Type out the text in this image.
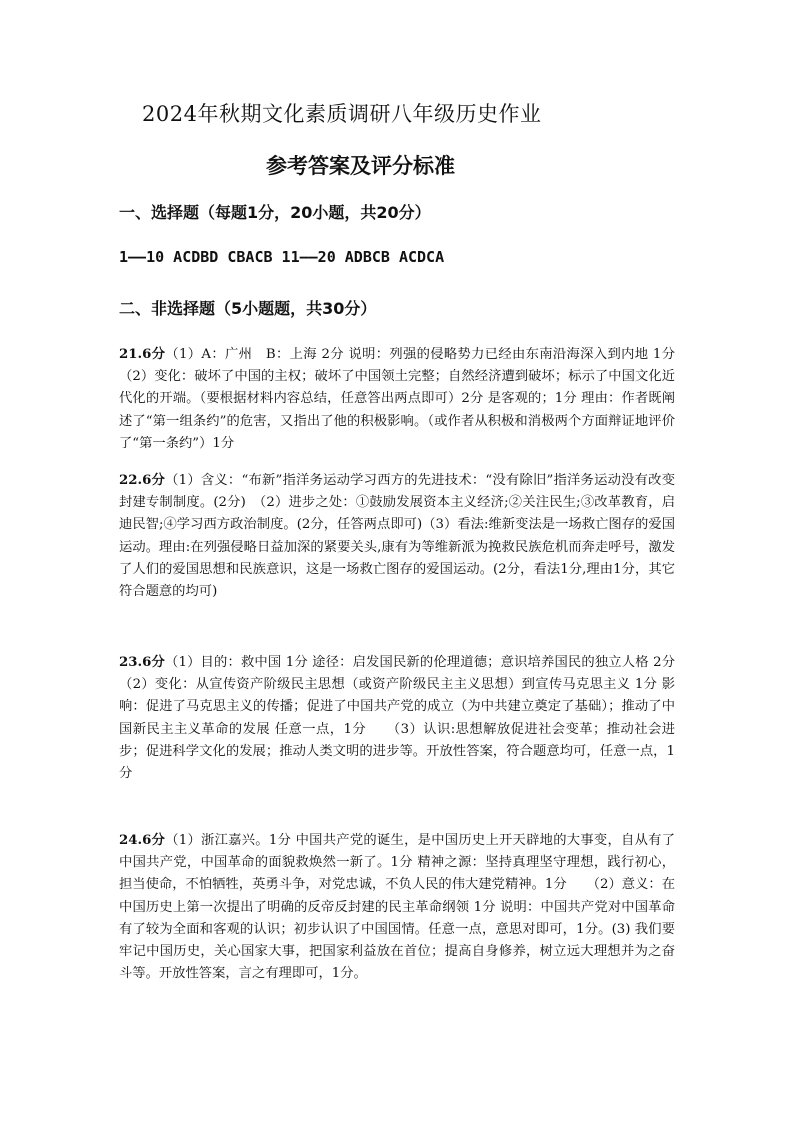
2024年秋期文化素质调研八年级历史作业
参考答案及评分标准
一、选择题（每题1分，20小题，共20分）
1——10 ACDBD CBACB 11——20 ADBCB ACDCA
二、非选择题（5小题题，共30分）
21.6分（1）A：广州　B：上海 2分 说明：列强的侵略势力已经由东南沿海深入到内地 1分（2）变化：破坏了中国的主权；破坏了中国领土完整；自然经济遭到破坏；标示了中国文化近代化的开端。（要根据材料内容总结，任意答出两点即可）2分 是客观的；1分 理由：作者既阐述了“第一组条约”的危害，又指出了他的积极影响。（或作者从积极和消极两个方面辩证地评价了“第一条约”）1分
22.6分（1）含义：“布新”指洋务运动学习西方的先进技术：“没有除旧”指洋务运动没有改变封建专制制度。(2分)　（2）进步之处：①鼓励发展资本主义经济;②关注民生;③改革教育，启迪民智;④学习西方政治制度。(2分，任答两点即可)（3）看法:维新变法是一场救亡图存的爱国运动。理由:在列强侵略日益加深的紧要关头,康有为等维新派为挽救民族危机而奔走呼号，激发了人们的爱国思想和民族意识，这是一场救亡图存的爱国运动。(2分，看法1分,理由1分，其它符合题意的均可)
23.6分（1）目的：救中国 1分 途径：启发国民新的伦理道德；意识培养国民的独立人格 2分　　（2）变化：从宣传资产阶级民主思想（或资产阶级民主主义思想）到宣传马克思主义 1分 影响：促进了马克思主义的传播；促进了中国共产党的成立（为中共建立奠定了基础）；推动了中国新民主主义革命的发展 任意一点，1分　　（3）认识:思想解放促进社会变革；推动社会进步；促进科学文化的发展；推动人类文明的进步等。开放性答案，符合题意均可，任意一点，1分
24.6分（1）浙江嘉兴。1分 中国共产党的诞生，是中国历史上开天辟地的大事变，自从有了中国共产党，中国革命的面貌救焕然一新了。1分 精神之源：坚持真理坚守理想，践行初心，担当使命，不怕牺牲，英勇斗争，对党忠诚，不负人民的伟大建党精神。1分　　（2）意义：在中国历史上第一次提出了明确的反帝反封建的民主革命纲领 1分 说明：中国共产党对中国革命有了较为全面和客观的认识；初步认识了中国国情。任意一点，意思对即可，1分。(3) 我们要牢记中国历史，关心国家大事，把国家利益放在首位；提高自身修养，树立远大理想并为之奋斗等。开放性答案，言之有理即可，1分。
